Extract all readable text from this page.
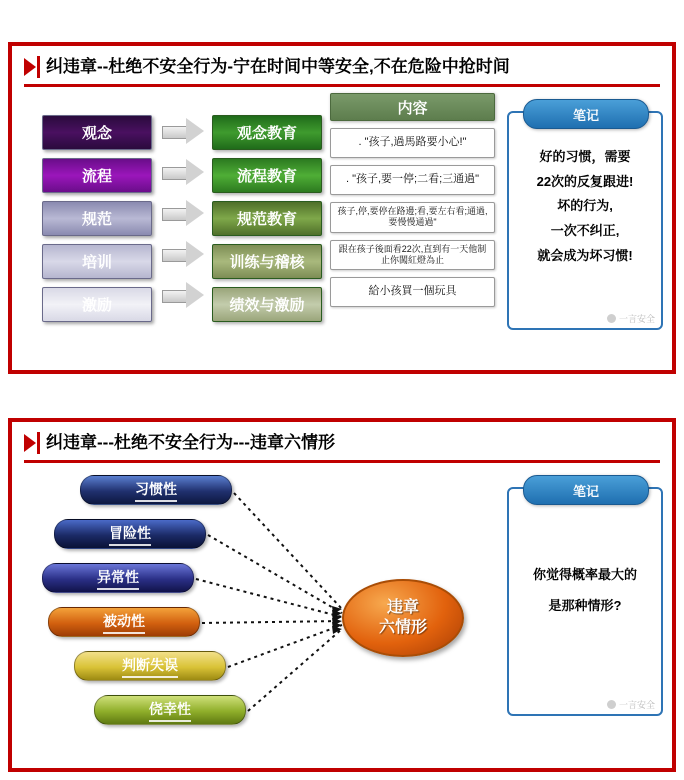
纠违章--杜绝不安全行为-宁在时间中等安全,不在危险中抢时间
观念
流程
规范
培训
激励
观念教育
流程教育
规范教育
训练与稽核
绩效与激励
内容
. "孩子,過馬路要小心!"
. "孩子,要一停;二看;三通過"
孩子,停,要停在路邊;看,要左右看;通過,要慢慢通過"
跟在孩子後面看22次,直到有一天他制止你闖紅燈為止
給小孩買一個玩具
笔记
好的习惯，需要
22次的反复跟进!
坏的行为,
一次不纠正,
就会成为坏习惯!
一言安全
纠违章---杜绝不安全行为---违章六情形
习惯性
冒险性
异常性
被动性
判断失误
侥幸性
违章
六情形
笔记
你觉得概率最大的
是那种情形?
一言安全
